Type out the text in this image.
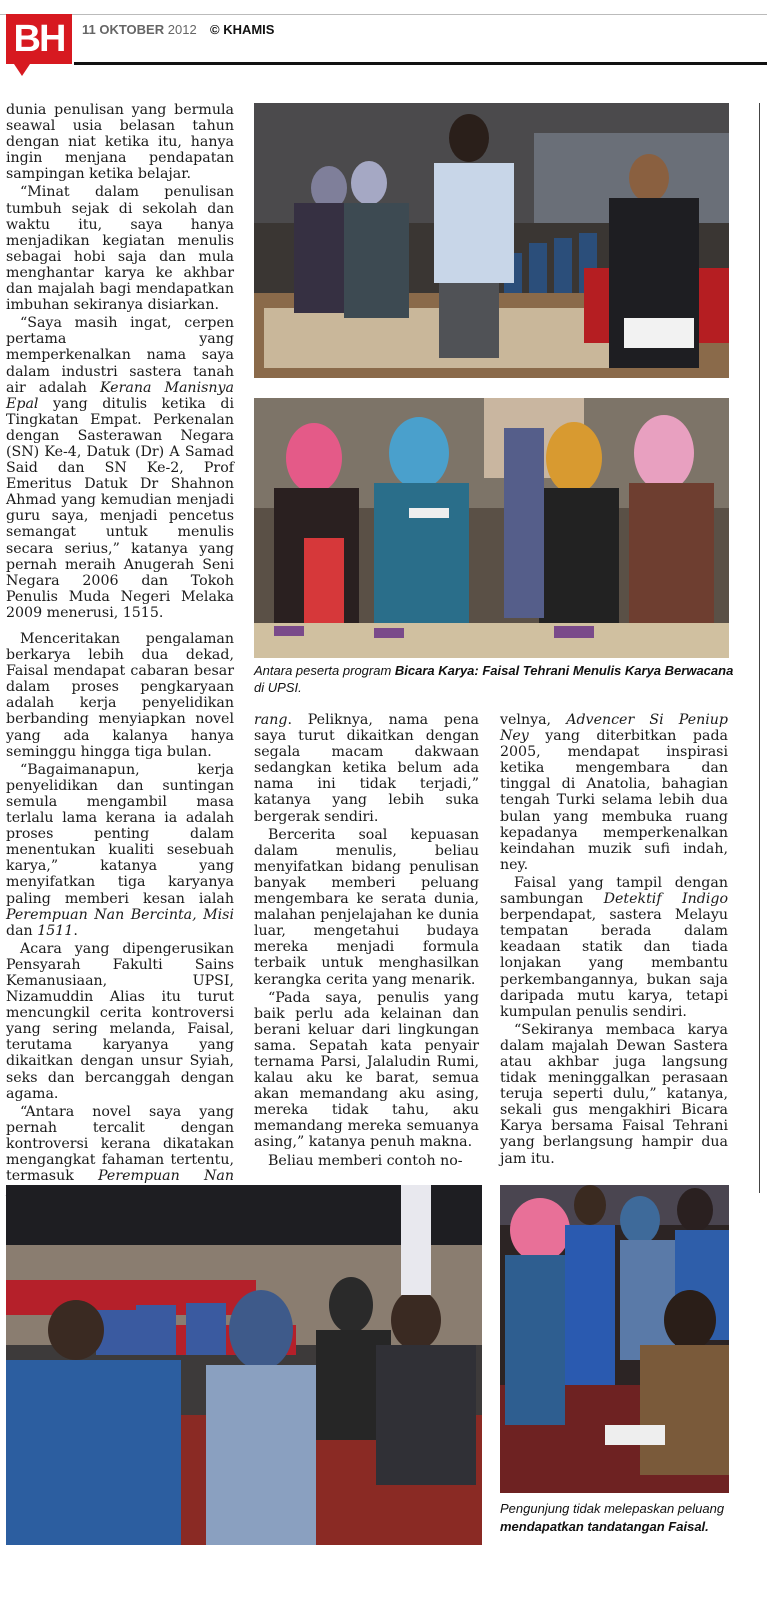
BH	11 OKTOBER 2012 © KHAMIS

dunia penulisan yang bermula seawal usia belasan tahun dengan niat ketika itu, hanya ingin menjana pendapatan sampingan ketika belajar.

“Minat dalam penulisan tumbuh sejak di sekolah dan waktu itu, saya hanya menjadikan kegiatan menulis sebagai hobi saja dan mula menghantar karya ke akhbar dan majalah bagi mendapatkan imbuhan sekiranya disiarkan.

“Saya masih ingat, cerpen pertama yang memperkenalkan nama saya dalam industri sastera tanah air adalah Kerana Manisnya Epal yang ditulis ketika di Tingkatan Empat. Perkenalan dengan Sasterawan Negara (SN) Ke-4, Datuk (Dr) A Samad Said dan SN Ke-2, Prof Emeritus Datuk Dr Shahnon Ahmad yang kemudian menjadi guru saya, menjadi pencetus semangat untuk menulis secara serius,” katanya yang pernah meraih Anugerah Seni Negara 2006 dan Tokoh Penulis Muda Negeri Melaka 2009 menerusi, 1515.

Menceritakan pengalaman berkarya lebih dua dekad, Faisal mendapat cabaran besar dalam proses pengkaryaan adalah kerja penyelidikan berbanding menyiapkan novel yang ada kalanya hanya seminggu hingga tiga bulan.

“Bagaimanapun, kerja penyelidikan dan suntingan semula mengambil masa terlalu lama kerana ia adalah proses penting dalam menentukan kualiti sesebuah karya,” katanya yang menyifatkan tiga karyanya paling memberi kesan ialah Perempuan Nan Bercinta, Misi dan 1511.

Acara yang dipengerusikan Pensyarah Fakulti Sains Kemanusiaan, UPSI, Nizamuddin Alias itu turut mencungkil cerita kontroversi yang sering melanda, Faisal, terutama karyanya yang dikaitkan dengan unsur Syiah, seks dan bercanggah dengan agama.

“Antara novel saya yang pernah tercalit dengan kontroversi kerana dikatakan mengangkat fahaman tertentu, termasuk Perempuan Nan

Antara peserta program Bicara Karya: Faisal Tehrani Menulis Karya Berwacana di UPSI.

rang. Peliknya, nama pena saya turut dikaitkan dengan segala macam dakwaan sedangkan ketika belum ada nama ini tidak terjadi,” katanya yang lebih suka bergerak sendiri.

Bercerita soal kepuasan dalam menulis, beliau menyifatkan bidang penulisan banyak memberi peluang mengembara ke serata dunia, malahan penjelajahan ke dunia luar, mengetahui budaya mereka menjadi formula terbaik untuk menghasilkan kerangka cerita yang menarik.

“Pada saya, penulis yang baik perlu ada kelainan dan berani keluar dari lingkungan sama. Sepatah kata penyair ternama Parsi, Jalaludin Rumi, kalau aku ke barat, semua akan memandang aku asing, mereka tidak tahu, aku memandang mereka semuanya asing,” katanya penuh makna.

Beliau memberi contoh no-

velnya, Advencer Si Peniup Ney yang diterbitkan pada 2005, mendapat inspirasi ketika mengembara dan tinggal di Anatolia, bahagian tengah Turki selama lebih dua bulan yang membuka ruang kepadanya memperkenalkan keindahan muzik sufi indah, ney.

Faisal yang tampil dengan sambungan Detektif Indigo berpendapat, sastera Melayu tempatan berada dalam keadaan statik dan tiada lonjakan yang membantu perkembangannya, bukan saja daripada mutu karya, tetapi kumpulan penulis sendiri.

“Sekiranya membaca karya dalam majalah Dewan Sastera atau akhbar juga langsung tidak meninggalkan perasaan teruja seperti dulu,” katanya, sekali gus mengakhiri Bicara Karya bersama Faisal Tehrani yang berlangsung hampir dua jam itu.

Pengunjung tidak melepaskan peluang mendapatkan tandatangan Faisal.
